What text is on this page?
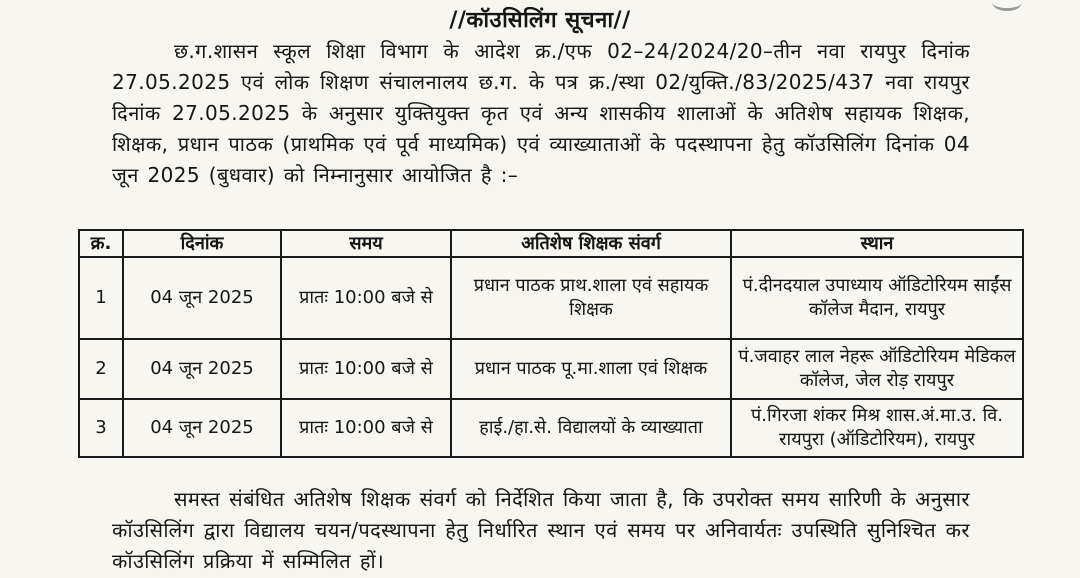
//कॉउसिलिंग सूचना//
छ.ग.शासन स्कूल शिक्षा विभाग के आदेश क्र./एफ 02–24/2024/20–तीन नवा रायपुर दिनांक 27.05.2025 एवं लोक शिक्षण संचालनालय छ.ग. के पत्र क्र./स्था 02/युक्ति./83/2025/437 नवा रायपुर दिनांक 27.05.2025 के अनुसार युक्तियुक्त कृत एवं अन्य शासकीय शालाओं के अतिशेष सहायक शिक्षक, शिक्षक, प्रधान पाठक (प्राथमिक एवं पूर्व माध्यमिक) एवं व्याख्याताओं के पदस्थापना हेतु कॉउसिलिंग दिनांक 04 जून 2025 (बुधवार) को निम्नानुसार आयोजित है :–
क्र.	दिनांक	समय	अतिशेष शिक्षक संवर्ग	स्थान
1	04 जून 2025	प्रातः 10:00 बजे से	प्रधान पाठक प्राथ.शाला एवं सहायक शिक्षक	पं.दीनदयाल उपाध्याय ऑडिटोरियम साईंस कॉलेज मैदान, रायपुर
2	04 जून 2025	प्रातः 10:00 बजे से	प्रधान पाठक पू.मा.शाला एवं शिक्षक	पं.जवाहर लाल नेहरू ऑडिटोरियम मेडिकल कॉलेज, जेल रोड़ रायपुर
3	04 जून 2025	प्रातः 10:00 बजे से	हाई./हा.से. विद्यालयों के व्याख्याता	पं.गिरजा शंकर मिश्र शास.अं.मा.उ. वि. रायपुरा (ऑडिटोरियम), रायपुर
समस्त संबंधित अतिशेष शिक्षक संवर्ग को निर्देशित किया जाता है, कि उपरोक्त समय सारिणी के अनुसार कॉउसिलिंग द्वारा विद्यालय चयन/पदस्थापना हेतु निर्धारित स्थान एवं समय पर अनिवार्यतः उपस्थिति सुनिश्चित कर कॉउसिलिंग प्रक्रिया में सम्मिलित हों।
